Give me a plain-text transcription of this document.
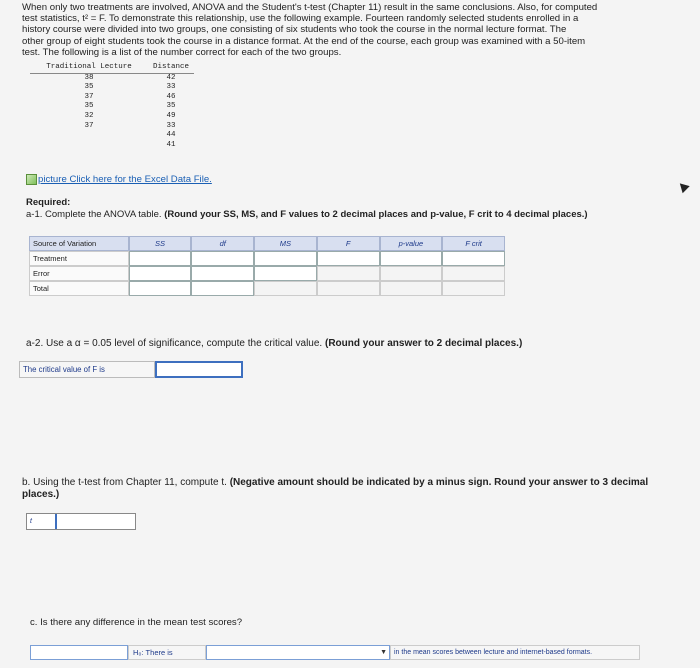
When only two treatments are involved, ANOVA and the Student's t-test (Chapter 11) result in the same conclusions. Also, for computed
test statistics, t² = F. To demonstrate this relationship, use the following example. Fourteen randomly selected students enrolled in a
history course were divided into two groups, one consisting of six students who took the course in the normal lecture format. The
other group of eight students took the course in a distance format. At the end of the course, each group was examined with a 50-item
test. The following is a list of the number correct for each of the two groups.
Traditional Lecture	Distance
38	42
35	33
37	46
35	35
32	49
37	33
	44
	41
picture Click here for the Excel Data File.
Required:
a-1. Complete the ANOVA table. (Round your SS, MS, and F values to 2 decimal places and p-value, F crit to 4 decimal places.)
Source of Variation	SS	df	MS	F	p-value	F crit
Treatment
Error
Total
a-2. Use a α = 0.05 level of significance, compute the critical value. (Round your answer to 2 decimal places.)
The critical value of F is
b. Using the t-test from Chapter 11, compute t. (Negative amount should be indicated by a minus sign. Round your answer to 3 decimal places.)
t
c. Is there any difference in the mean test scores?
H₀: There is	▼	in the mean scores between lecture and internet-based formats.
